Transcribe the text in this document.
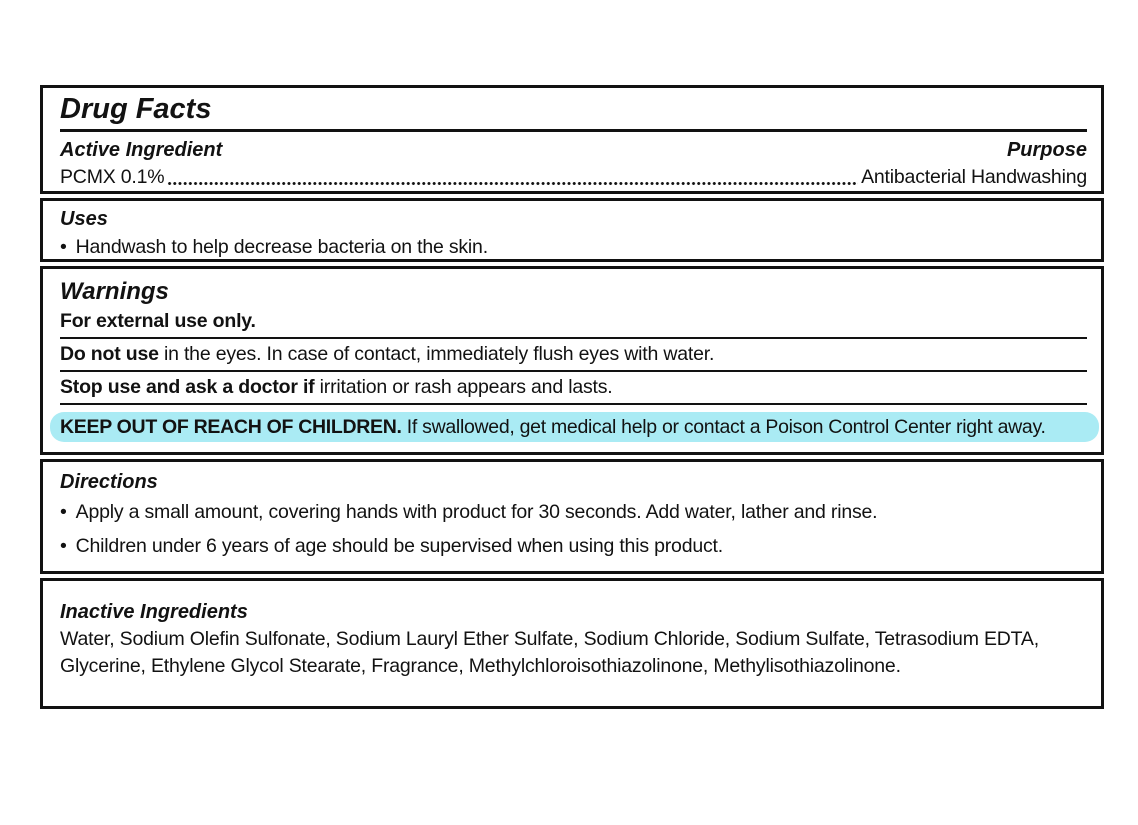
Drug Facts
Active Ingredient	Purpose
PCMX 0.1%	Antibacterial Handwashing
Uses
• Handwash to help decrease bacteria on the skin.
Warnings
For external use only.
Do not use in the eyes. In case of contact, immediately flush eyes with water.
Stop use and ask a doctor if irritation or rash appears and lasts.
KEEP OUT OF REACH OF CHILDREN. If swallowed, get medical help or contact a Poison Control Center right away.
Directions
• Apply a small amount, covering hands with product for 30 seconds. Add water, lather and rinse.
• Children under 6 years of age should be supervised when using this product.
Inactive Ingredients
Water, Sodium Olefin Sulfonate, Sodium Lauryl Ether Sulfate, Sodium Chloride, Sodium Sulfate, Tetrasodium EDTA, Glycerine, Ethylene Glycol Stearate, Fragrance, Methylchloroisothiazolinone, Methylisothiazolinone.
